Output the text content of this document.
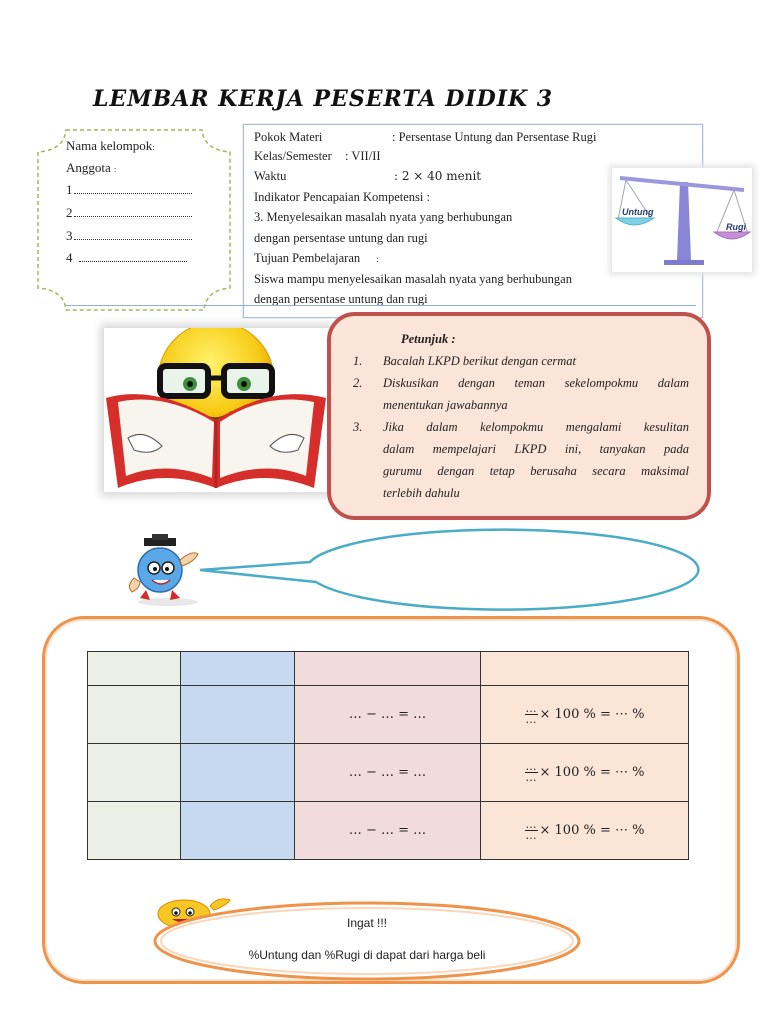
LEMBAR KERJA PESERTA DIDIK 3
Nama kelompok:
Anggota :
1
2
3
4
Pokok Materi	: Persentase Untung dan Persentase Rugi
Kelas/Semester : VII/II
Waktu	: 2 × 40 menit
Indikator Pencapaian Kompetensi :
3. Menyelesaikan masalah nyata yang berhubungan
dengan persentase untung dan rugi
Tujuan Pembelajaran :
Siswa mampu menyelesaikan masalah nyata yang berhubungan
dengan persentase untung dan rugi
Untung
Rugi
Petunjuk :
1.	Bacalah LKPD berikut dengan cermat
2.	Diskusikan dengan teman sekelompokmu dalam
menentukan jawabannya
3.	Jika dalam kelompokmu mengalami kesulitan
dalam mempelajari LKPD ini, tanyakan pada
gurumu dengan tetap berusaha secara maksimal
terlebih dahulu

		… − … = …	$\frac{\dots}{\dots} \times 100$ % = ⋯ %
		… − … = …	$\frac{\dots}{\dots} \times 100$ % = ⋯ %
		… − … = …	$\frac{\dots}{\dots} \times 100$ % = ⋯ %
Ingat !!!
%Untung dan %Rugi di dapat dari harga beli
